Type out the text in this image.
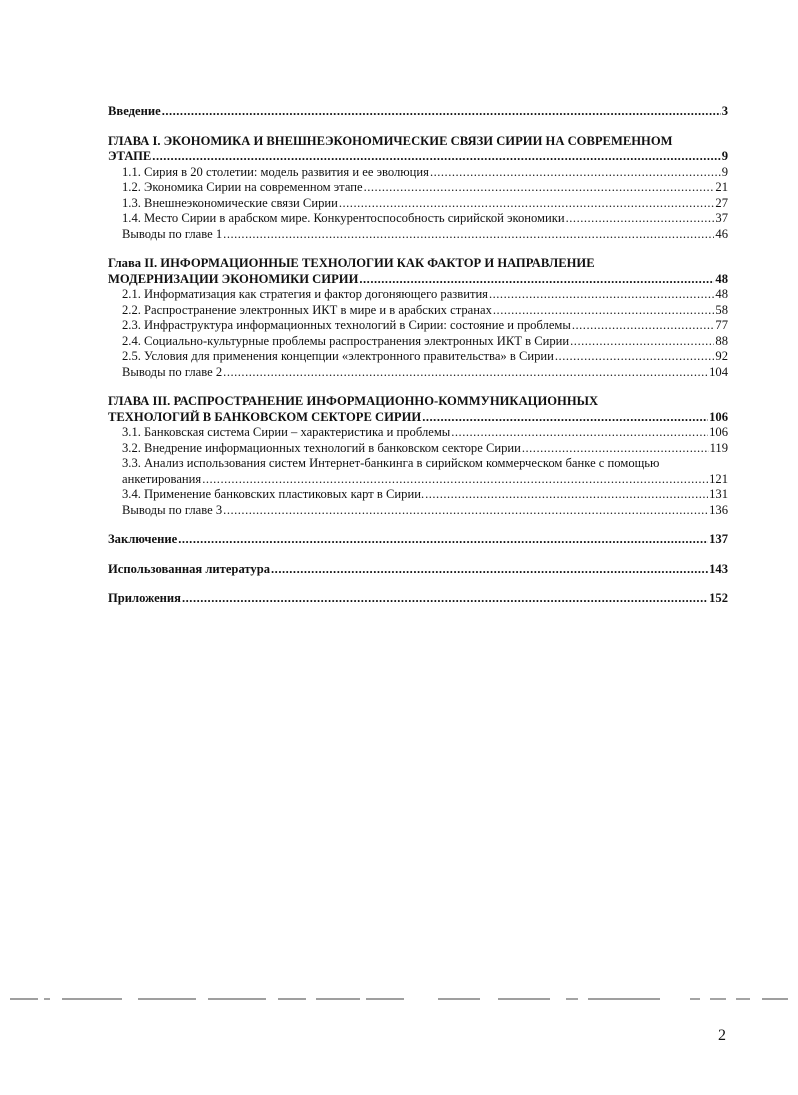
Введение .....	3
ГЛАВА I. ЭКОНОМИКА И ВНЕШНЕЭКОНОМИЧЕСКИЕ СВЯЗИ СИРИИ НА СОВРЕМЕННОМ
ЭТАПЕ .....	9
1.1. Сирия в 20 столетии: модель развития и ее эволюция .....	9
1.2. Экономика Сирии на современном этапе .....	21
1.3. Внешнеэкономические связи Сирии .....	27
1.4. Место Сирии в арабском мире. Конкурентоспособность сирийской экономики .....	37
Выводы по главе 1 .....	46
Глава II. ИНФОРМАЦИОННЫЕ ТЕХНОЛОГИИ КАК ФАКТОР И НАПРАВЛЕНИЕ
МОДЕРНИЗАЦИИ ЭКОНОМИКИ СИРИИ .....	48
2.1. Информатизация как стратегия и фактор догоняющего развития .....	48
2.2. Распространение электронных ИКТ в мире и в арабских странах .....	58
2.3. Инфраструктура информационных технологий в Сирии: состояние и проблемы .....	77
2.4. Социально-культурные проблемы распространения электронных ИКТ в Сирии .....	88
2.5. Условия для применения концепции «электронного правительства» в Сирии .....	92
Выводы по главе 2 .....	104
ГЛАВА III. РАСПРОСТРАНЕНИЕ ИНФОРМАЦИОННО-КОММУНИКАЦИОННЫХ
ТЕХНОЛОГИЙ В БАНКОВСКОМ СЕКТОРЕ СИРИИ .....	106
3.1. Банковская система Сирии – характеристика и проблемы .....	106
3.2. Внедрение информационных технологий в банковском секторе Сирии .....	119
3.3. Анализ использования систем Интернет-банкинга в сирийском коммерческом банке с помощью
анкетирования .....	121
3.4. Применение банковских пластиковых карт в Сирии. .....	131
Выводы по главе 3 .....	136
Заключение .....	137
Использованная литература .....	143
Приложения .....	152
2
